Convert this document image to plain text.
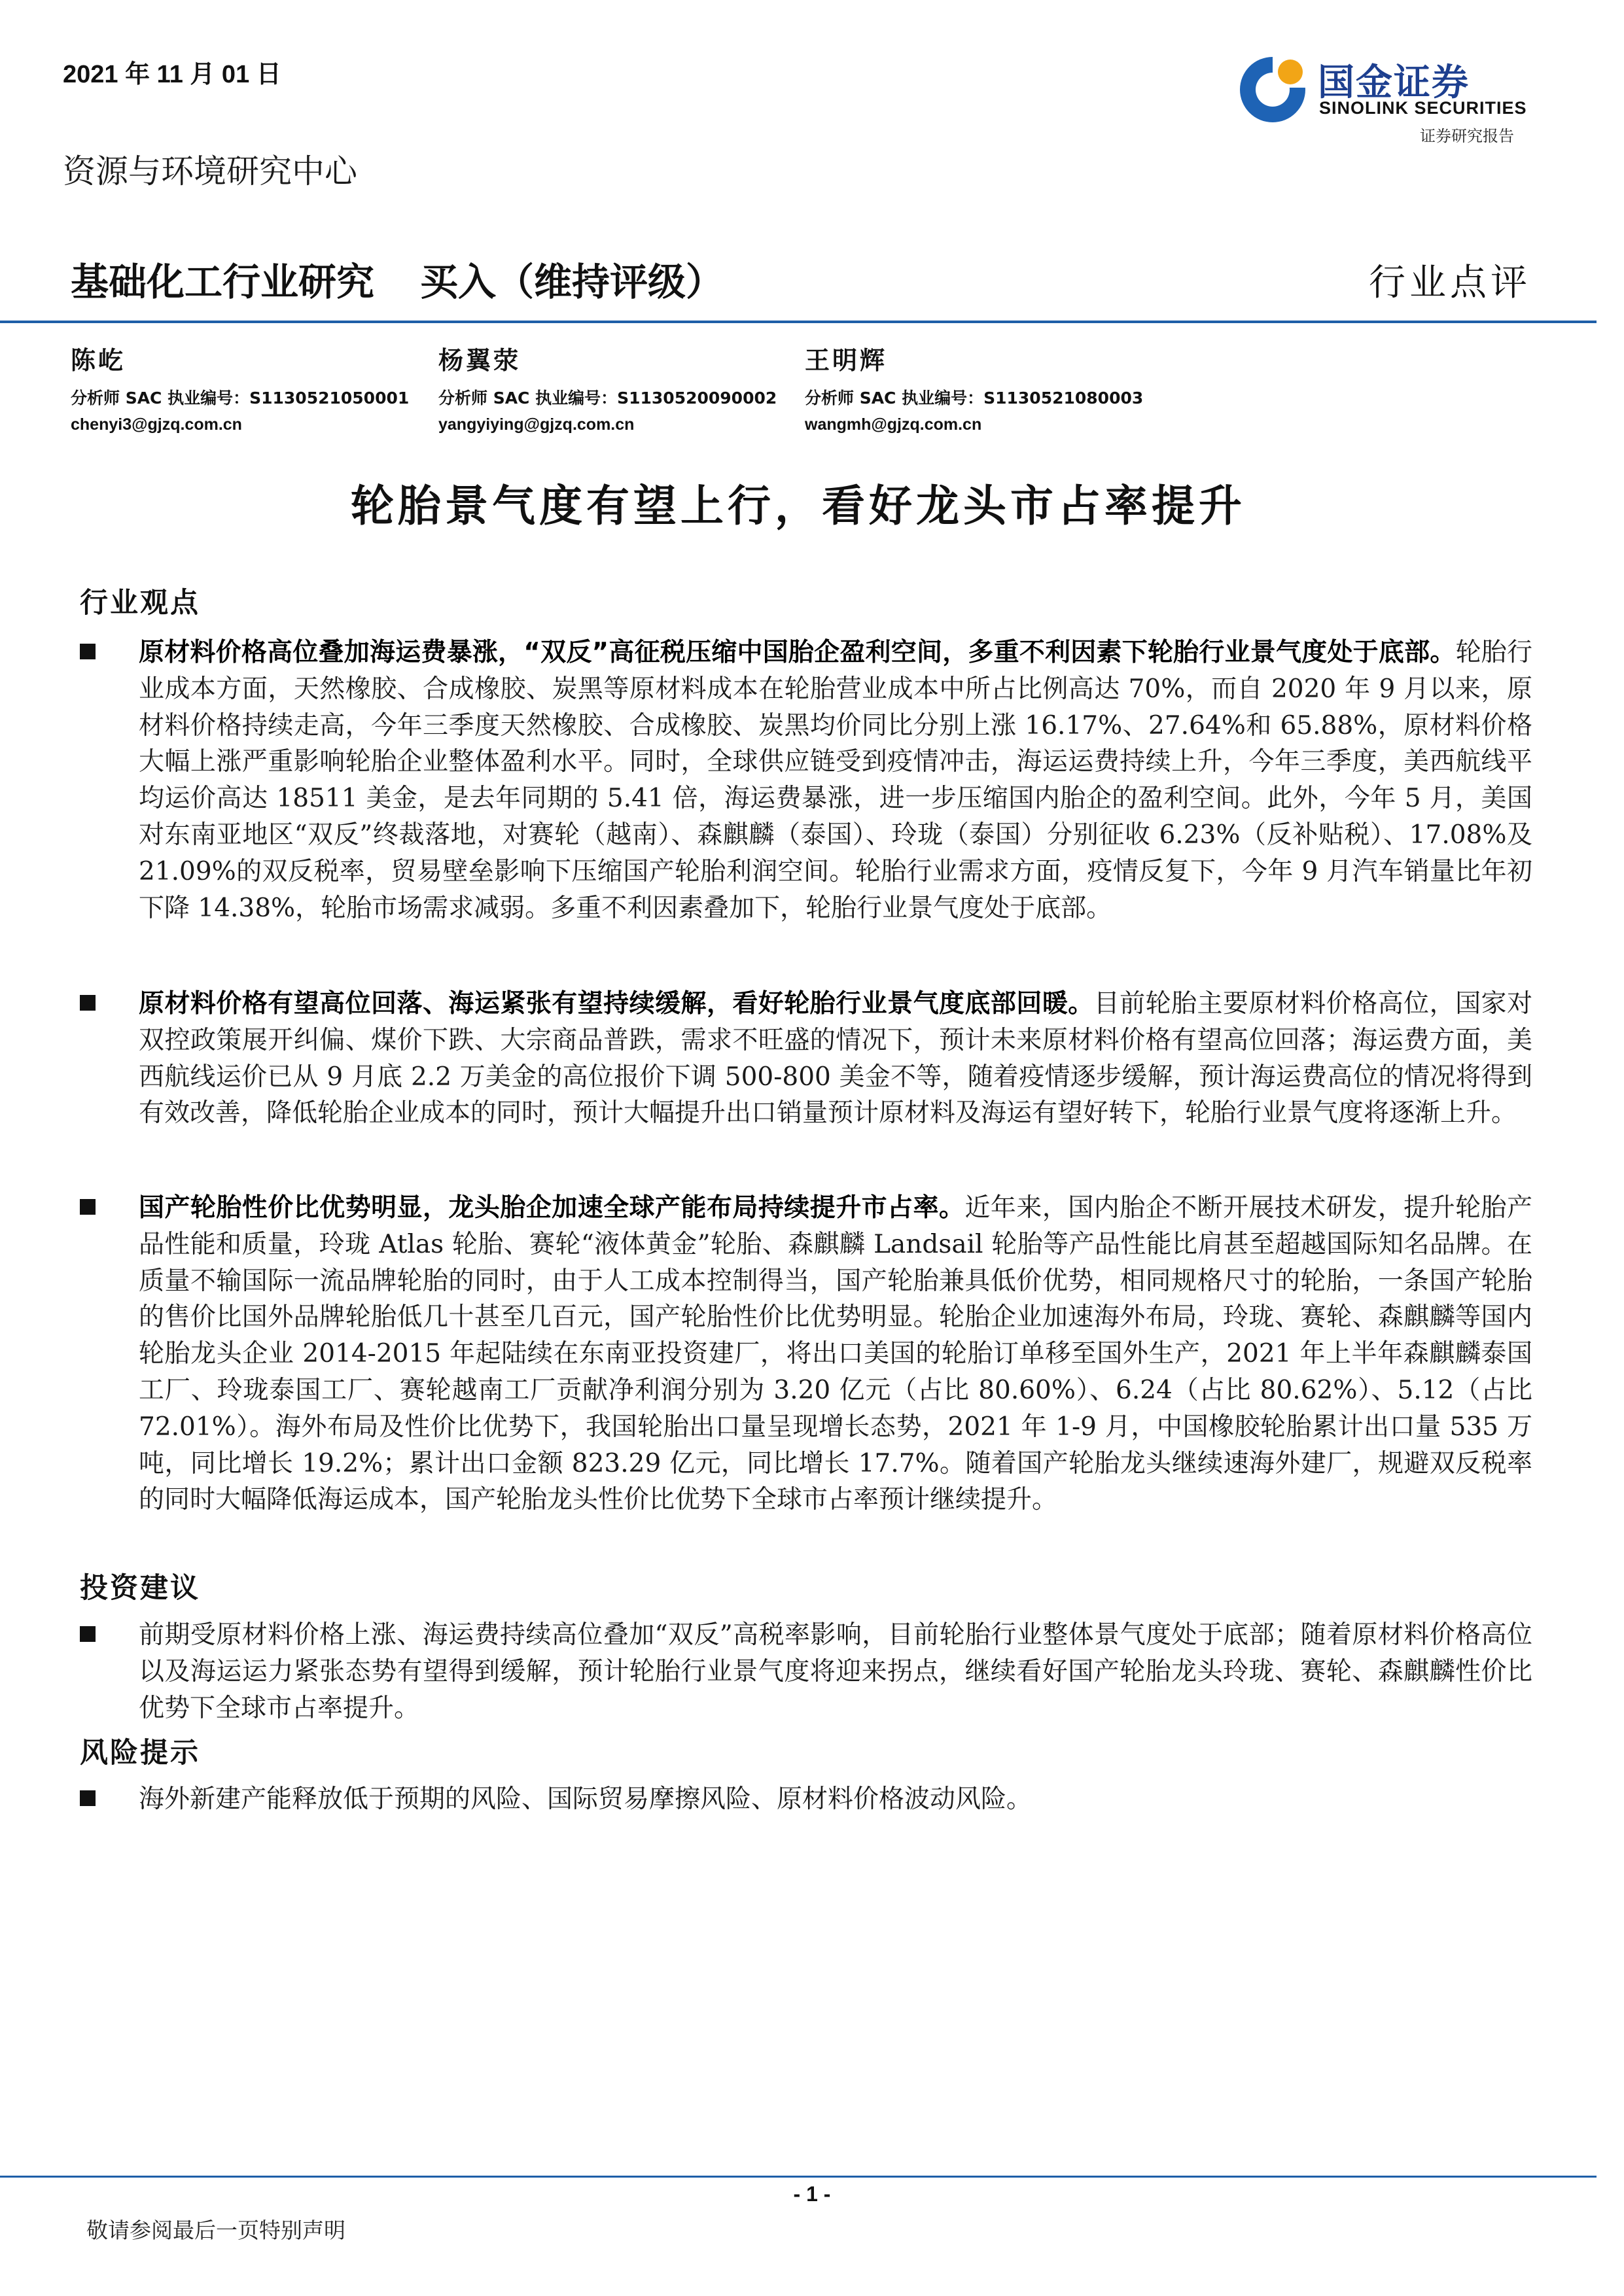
2021 年 11 月 01 日
资源与环境研究中心
国金证券
SINOLINK SECURITIES
证券研究报告
基础化工行业研究 买入（维持评级）	行业点评
陈屹
分析师 SAC 执业编号：S1130521050001
chenyi3@gjzq.com.cn
杨翼荥
分析师 SAC 执业编号：S1130520090002
yangyiying@gjzq.com.cn
王明辉
分析师 SAC 执业编号：S1130521080003
wangmh@gjzq.com.cn
轮胎景气度有望上行，看好龙头市占率提升
行业观点
原材料价格高位叠加海运费暴涨，“双反”高征税压缩中国胎企盈利空间，多重不利因素下轮胎行业景气度处于底部。轮胎行业成本方面，天然橡胶、合成橡胶、炭黑等原材料成本在轮胎营业成本中所占比例高达 70%，而自 2020 年 9 月以来，原材料价格持续走高，今年三季度天然橡胶、合成橡胶、炭黑均价同比分别上涨 16.17%、27.64%和 65.88%，原材料价格大幅上涨严重影响轮胎企业整体盈利水平。同时，全球供应链受到疫情冲击，海运运费持续上升，今年三季度，美西航线平均运价高达 18511 美金，是去年同期的 5.41 倍，海运费暴涨，进一步压缩国内胎企的盈利空间。此外，今年 5 月，美国对东南亚地区“双反”终裁落地，对赛轮（越南）、森麒麟（泰国）、玲珑（泰国）分别征收 6.23%（反补贴税）、17.08%及 21.09%的双反税率，贸易壁垒影响下压缩国产轮胎利润空间。轮胎行业需求方面，疫情反复下，今年 9 月汽车销量比年初下降 14.38%，轮胎市场需求减弱。多重不利因素叠加下，轮胎行业景气度处于底部。
原材料价格有望高位回落、海运紧张有望持续缓解，看好轮胎行业景气度底部回暖。目前轮胎主要原材料价格高位，国家对双控政策展开纠偏、煤价下跌、大宗商品普跌，需求不旺盛的情况下，预计未来原材料价格有望高位回落；海运费方面，美西航线运价已从 9 月底 2.2 万美金的高位报价下调 500-800 美金不等，随着疫情逐步缓解，预计海运费高位的情况将得到有效改善，降低轮胎企业成本的同时，预计大幅提升出口销量预计原材料及海运有望好转下，轮胎行业景气度将逐渐上升。
国产轮胎性价比优势明显，龙头胎企加速全球产能布局持续提升市占率。近年来，国内胎企不断开展技术研发，提升轮胎产品性能和质量，玲珑 Atlas 轮胎、赛轮“液体黄金”轮胎、森麒麟 Landsail 轮胎等产品性能比肩甚至超越国际知名品牌。在质量不输国际一流品牌轮胎的同时，由于人工成本控制得当，国产轮胎兼具低价优势，相同规格尺寸的轮胎，一条国产轮胎的售价比国外品牌轮胎低几十甚至几百元，国产轮胎性价比优势明显。轮胎企业加速海外布局，玲珑、赛轮、森麒麟等国内轮胎龙头企业 2014-2015 年起陆续在东南亚投资建厂，将出口美国的轮胎订单移至国外生产，2021 年上半年森麒麟泰国工厂、玲珑泰国工厂、赛轮越南工厂贡献净利润分别为 3.20 亿元（占比 80.60%）、6.24（占比 80.62%）、5.12（占比 72.01%）。海外布局及性价比优势下，我国轮胎出口量呈现增长态势，2021 年 1-9 月，中国橡胶轮胎累计出口量 535 万吨，同比增长 19.2%；累计出口金额 823.29 亿元，同比增长 17.7%。随着国产轮胎龙头继续速海外建厂，规避双反税率的同时大幅降低海运成本，国产轮胎龙头性价比优势下全球市占率预计继续提升。
投资建议
前期受原材料价格上涨、海运费持续高位叠加“双反”高税率影响，目前轮胎行业整体景气度处于底部；随着原材料价格高位以及海运运力紧张态势有望得到缓解，预计轮胎行业景气度将迎来拐点，继续看好国产轮胎龙头玲珑、赛轮、森麒麟性价比优势下全球市占率提升。
风险提示
海外新建产能释放低于预期的风险、国际贸易摩擦风险、原材料价格波动风险。
- 1 -
敬请参阅最后一页特别声明
